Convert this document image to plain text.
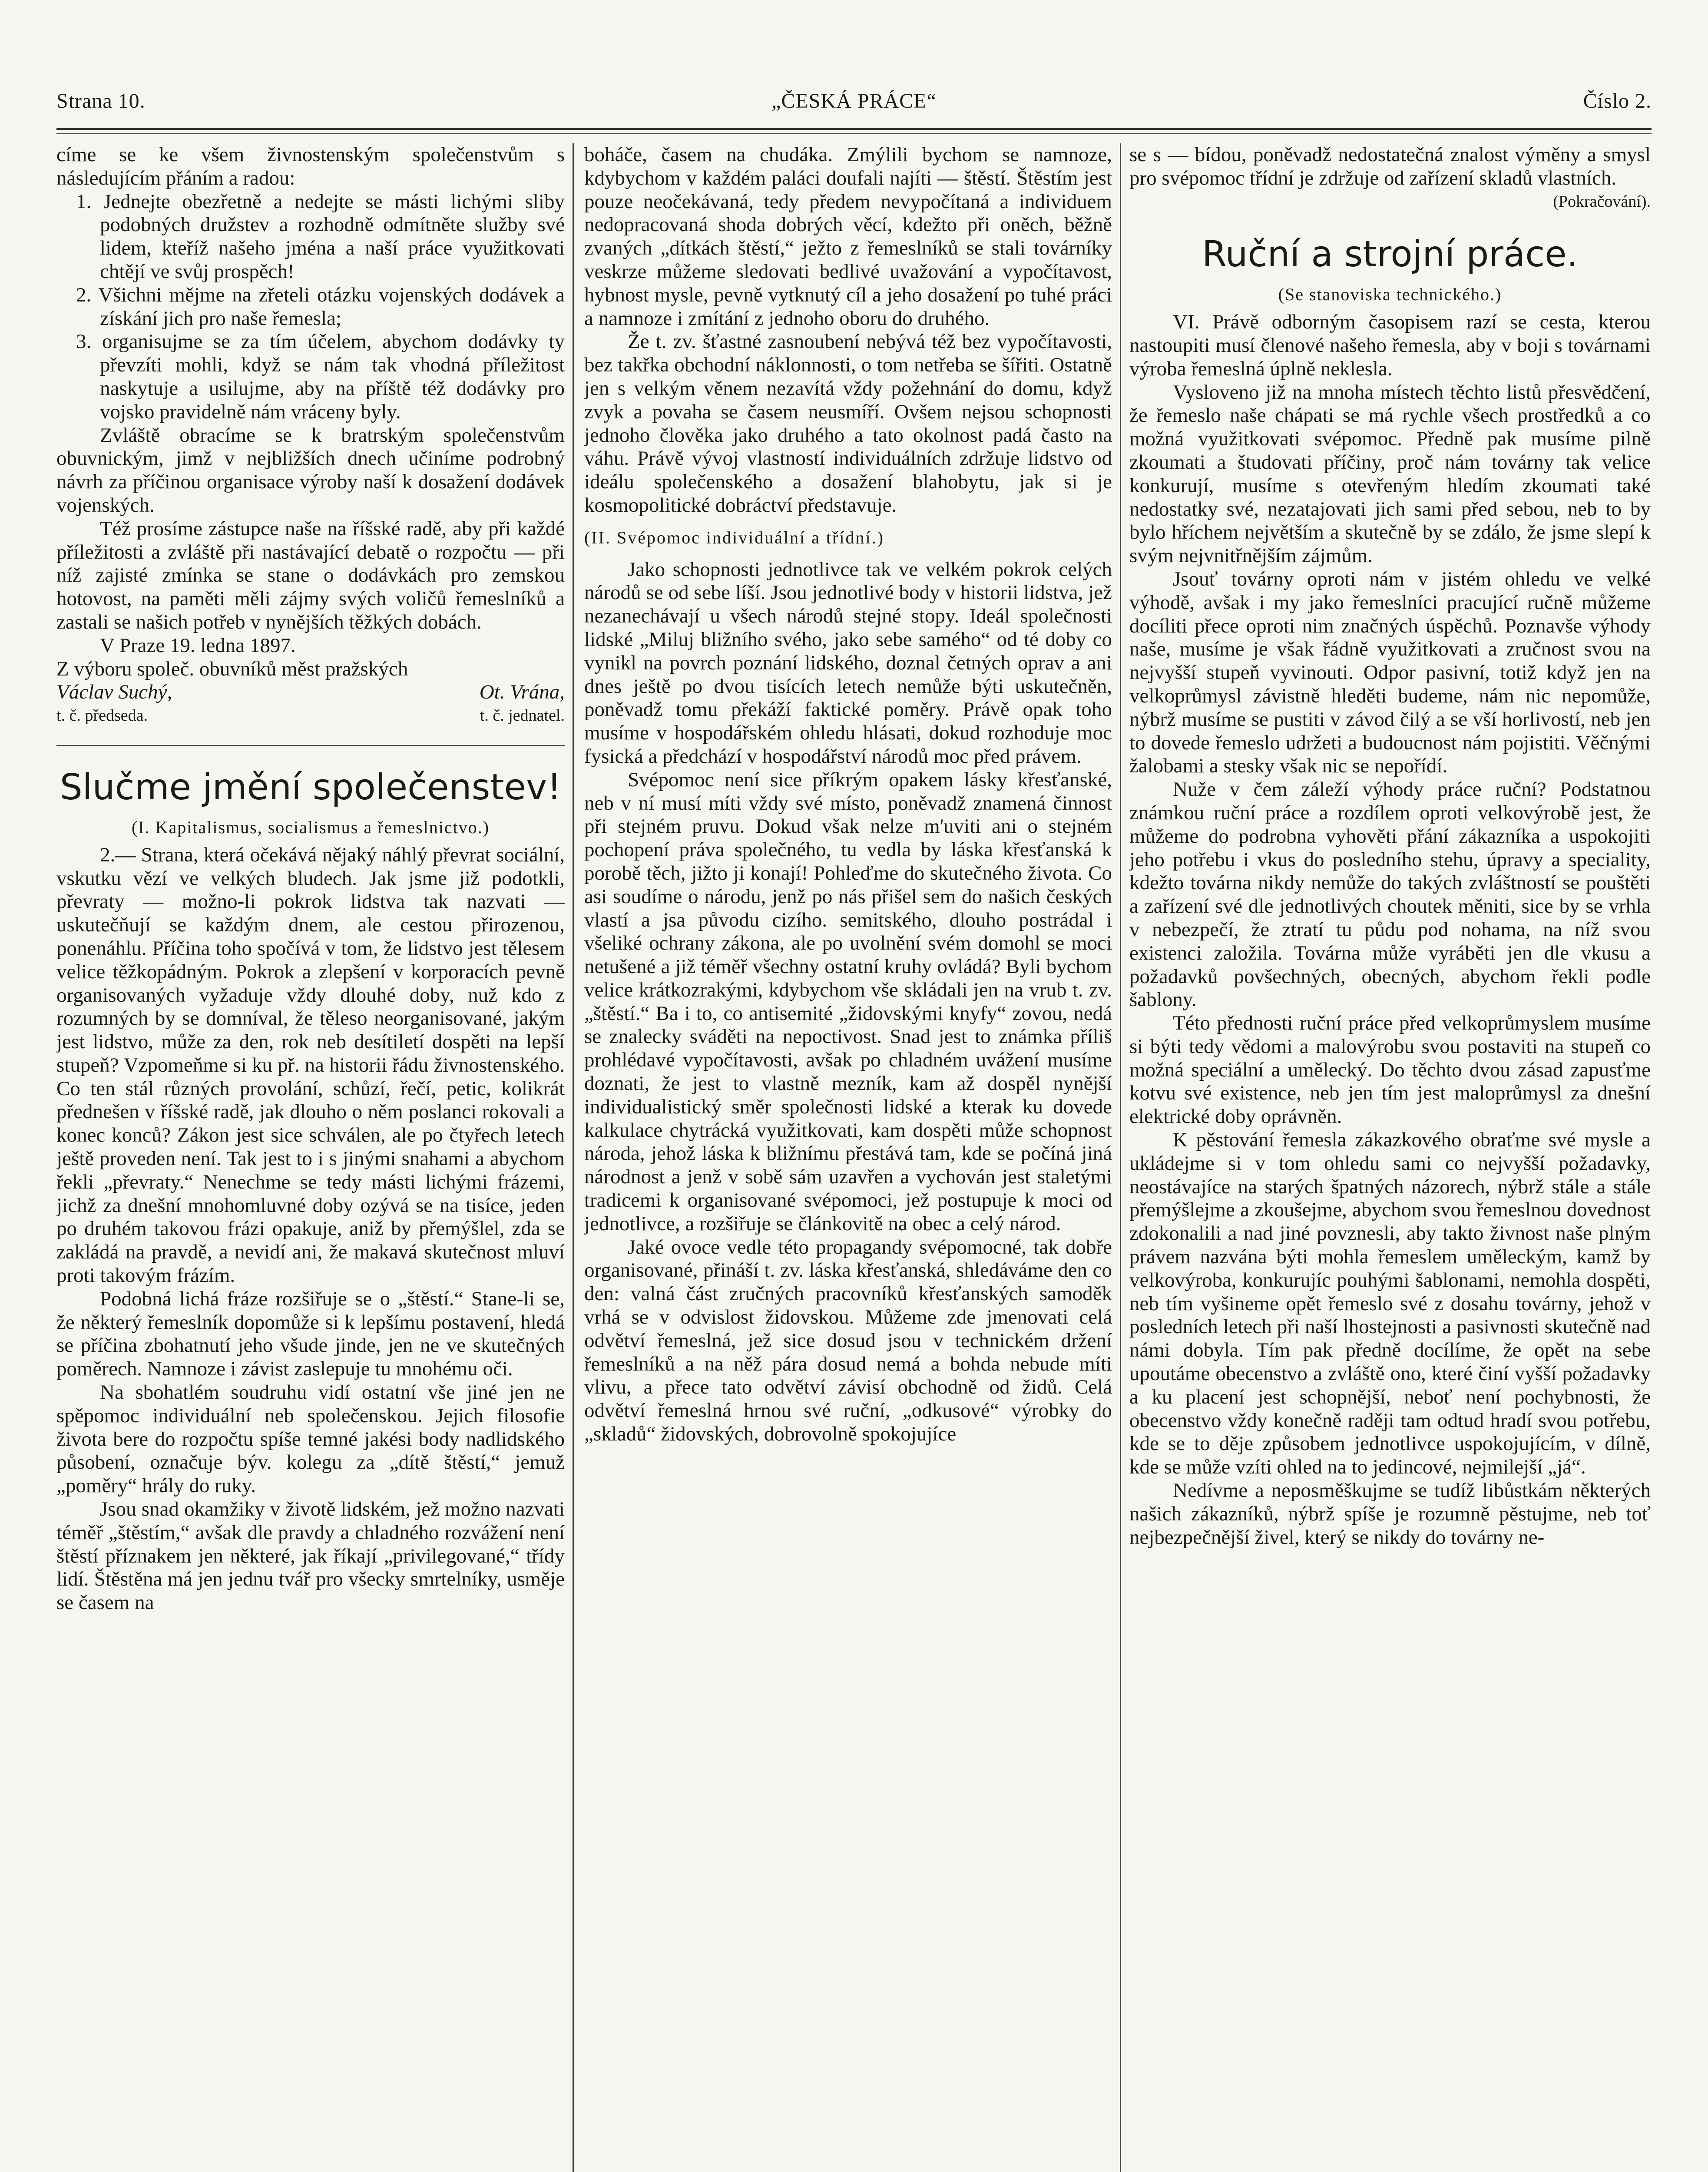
Strana 10.	„ČESKÁ PRÁCE“	Číslo 2.

címe se ke všem živnostenským společenstvům s následujícím přáním a radou:

1. Jednejte obezřetně a nedejte se másti lichými sliby podobných družstev a rozhodně odmítněte služby své lidem, kteříž našeho jména a naší práce využitkovati chtějí ve svůj prospěch!

2. Všichni mějme na zřeteli otázku vojenských dodávek a získání jich pro naše řemesla;

3. organisujme se za tím účelem, abychom dodávky ty převzíti mohli, když se nám tak vhodná příležitost naskytuje a usilujme, aby na příště též dodávky pro vojsko pravidelně nám vráceny byly.

Zvláště obracíme se k bratrským společenstvům obuvnickým, jimž v nejbližších dnech učiníme podrobný návrh za příčinou organisace výroby naší k dosažení dodávek vojenských.

Též prosíme zástupce naše na říšské radě, aby při každé příležitosti a zvláště při nastávající debatě o rozpočtu — při níž zajisté zmínka se stane o dodávkách pro zemskou hotovost, na paměti měli zájmy svých voličů řemeslníků a zastali se našich potřeb v nynějších těžkých dobách.

V Praze 19. ledna 1897.

Z výboru společ. obuvníků měst pražských

Václav Suchý,	Ot. Vrána,
t. č. předseda.	t. č. jednatel.
Slučme jmění společenstev!
(I. Kapitalismus, socialismus a řemeslnictvo.)

2.— Strana, která očekává nějaký náhlý převrat sociální, vskutku vězí ve velkých bludech. Jak jsme již podotkli, převraty — možno-li pokrok lidstva tak nazvati — uskutečňují se každým dnem, ale cestou přirozenou, ponenáhlu. Příčina toho spočívá v tom, že lidstvo jest tělesem velice těžkopádným. Pokrok a zlepšení v korporacích pevně organisovaných vyžaduje vždy dlouhé doby, nuž kdo z rozumných by se domníval, že těleso neorganisované, jakým jest lidstvo, může za den, rok neb desítiletí dospěti na lepší stupeň? Vzpomeňme si ku př. na historii řádu živnostenského. Co ten stál různých provolání, schůzí, řečí, petic, kolikrát přednešen v říšské radě, jak dlouho o něm poslanci rokovali a konec konců? Zákon jest sice schválen, ale po čtyřech letech ještě proveden není. Tak jest to i s jinými snahami a abychom řekli „převraty.“ Nenechme se tedy másti lichými frázemi, jichž za dnešní mnohomluvné doby ozývá se na tisíce, jeden po druhém takovou frázi opakuje, aniž by přemýšlel, zda se zakládá na pravdě, a nevidí ani, že makavá skutečnost mluví proti takovým frázím.

Podobná lichá fráze rozšiřuje se o „štěstí.“ Stane-li se, že některý řemeslník dopomůže si k lepšímu postavení, hledá se příčina zbohatnutí jeho všude jinde, jen ne ve skutečných poměrech. Namnoze i závist zaslepuje tu mnohému oči.

Na sbohatlém soudruhu vidí ostatní vše jiné jen ne spěpomoc individuální neb společenskou. Jejich filosofie života bere do rozpočtu spíše temné jakési body nadlidského působení, označuje býv. kolegu za „dítě štěstí,“ jemuž „poměry“ hrály do ruky.

Jsou snad okamžiky v životě lidském, jež možno nazvati téměř „štěstím,“ avšak dle pravdy a chladného rozvážení není štěstí příznakem jen některé, jak říkají „privilegované,“ třídy lidí. Štěstěna má jen jednu tvář pro všecky smrtelníky, usměje se časem na

boháče, časem na chudáka. Zmýlili bychom se namnoze, kdybychom v každém paláci doufali najíti — štěstí. Štěstím jest pouze neočekávaná, tedy předem nevypočítaná a individuem nedopracovaná shoda dobrých věcí, kdežto při oněch, běžně zvaných „dítkách štěstí,“ ježto z řemeslníků se stali továrníky veskrze můžeme sledovati bedlivé uvažování a vypočítavost, hybnost mysle, pevně vytknutý cíl a jeho dosažení po tuhé práci a namnoze i zmítání z jednoho oboru do druhého.

Že t. zv. šťastné zasnoubení nebývá též bez vypočítavosti, bez takřka obchodní náklonnosti, o tom netřeba se šířiti. Ostatně jen s velkým věnem nezavítá vždy požehnání do domu, když zvyk a povaha se časem neusmíří. Ovšem nejsou schopnosti jednoho člověka jako druhého a tato okolnost padá často na váhu. Právě vývoj vlastností individuálních zdržuje lidstvo od ideálu společenského a dosažení blahobytu, jak si je kosmopolitické dobráctví představuje.

(II. Svépomoc individuální a třídní.)

Jako schopnosti jednotlivce tak ve velkém pokrok celých národů se od sebe líší. Jsou jednotlivé body v historii lidstva, jež nezanechávají u všech národů stejné stopy. Ideál společnosti lidské „Miluj bližního svého, jako sebe samého“ od té doby co vynikl na povrch poznání lidského, doznal četných oprav a ani dnes ještě po dvou tisících letech nemůže býti uskutečněn, poněvadž tomu překáží faktické poměry. Právě opak toho musíme v hospodářském ohledu hlásati, dokud rozhoduje moc fysická a předchází v hospodářství národů moc před právem.

Svépomoc není sice příkrým opakem lásky křesťanské, neb v ní musí míti vždy své místo, poněvadž znamená činnost při stejném pruvu. Dokud však nelze m'uviti ani o stejném pochopení práva společného, tu vedla by láska křesťanská k porobě těch, jižto ji konají! Pohleďme do skutečného života. Co asi soudíme o národu, jenž po nás přišel sem do našich českých vlastí a jsa původu cizího. semitského, dlouho postrádal i všeliké ochrany zákona, ale po uvolnění svém domohl se moci netušené a již téměř všechny ostatní kruhy ovládá? Byli bychom velice krátkozrakými, kdybychom vše skládali jen na vrub t. zv. „štěstí.“ Ba i to, co antisemité „židovskými knyfy“ zovou, nedá se znalecky sváděti na nepoctivost. Snad jest to známka příliš prohlédavé vypočítavosti, avšak po chladném uvážení musíme doznati, že jest to vlastně mezník, kam až dospěl nynější individualistický směr společnosti lidské a kterak ku dovede kalkulace chytrácká využitkovati, kam dospěti může schopnost národa, jehož láska k bližnímu přestává tam, kde se počíná jiná národnost a jenž v sobě sám uzavřen a vychován jest staletými tradicemi k organisované svépomoci, jež postupuje k moci od jednotlivce, a rozšiřuje se článkovitě na obec a celý národ.

Jaké ovoce vedle této propagandy svépomocné, tak dobře organisované, přináší t. zv. láska křesťanská, shledáváme den co den: valná část zručných pracovníků křesťanských samoděk vrhá se v odvislost židovskou. Můžeme zde jmenovati celá odvětví řemeslná, jež sice dosud jsou v technickém držení řemeslníků a na něž pára dosud nemá a bohda nebude míti vlivu, a přece tato odvětví závisí obchodně od židů. Celá odvětví řemeslná hrnou své ruční, „odkusové“ výrobky do „skladů“ židovských, dobrovolně spokojujíce

se s — bídou, poněvadž nedostatečná znalost výměny a smysl pro svépomoc třídní je zdržuje od zařízení skladů vlastních.

(Pokračování).

Ruční a strojní práce.
(Se stanoviska technického.)

VI. Právě odborným časopisem razí se cesta, kterou nastoupiti musí členové našeho řemesla, aby v boji s továrnami výroba řemeslná úplně neklesla.

Vysloveno již na mnoha místech těchto listů přesvědčení, že řemeslo naše chápati se má rychle všech prostředků a co možná využitkovati svépomoc. Předně pak musíme pilně zkoumati a študovati příčiny, proč nám továrny tak velice konkurují, musíme s otevřeným hledím zkoumati také nedostatky své, nezatajovati jich sami před sebou, neb to by bylo hříchem největším a skutečně by se zdálo, že jsme slepí k svým nejvnitřnějším zájmům.

Jsouť továrny oproti nám v jistém ohledu ve velké výhodě, avšak i my jako řemeslníci pracující ručně můžeme docíliti přece oproti nim značných úspěchů. Poznavše výhody naše, musíme je však řádně využitkovati a zručnost svou na nejvyšší stupeň vyvinouti. Odpor pasivní, totiž když jen na velkoprůmysl závistně hleděti budeme, nám nic nepomůže, nýbrž musíme se pustiti v závod čilý a se vší horlivostí, neb jen to dovede řemeslo udržeti a budoucnost nám pojistiti. Věčnými žalobami a stesky však nic se nepořídí.

Nuže v čem záleží výhody práce ruční? Podstatnou známkou ruční práce a rozdílem oproti velkovýrobě jest, že můžeme do podrobna vyhověti přání zákazníka a uspokojiti jeho potřebu i vkus do posledního stehu, úpravy a speciality, kdežto továrna nikdy nemůže do takých zvláštností se pouštěti a zařízení své dle jednotlivých choutek měniti, sice by se vrhla v nebezpečí, že ztratí tu půdu pod nohama, na níž svou existenci založila. Továrna může vyráběti jen dle vkusu a požadavků povšechných, obecných, abychom řekli podle šablony.

Této přednosti ruční práce před velkoprůmyslem musíme si býti tedy vědomi a malovýrobu svou postaviti na stupeň co možná speciální a umělecký. Do těchto dvou zásad zapusťme kotvu své existence, neb jen tím jest maloprůmysl za dnešní elektrické doby oprávněn.

K pěstování řemesla zákazkového obraťme své mysle a ukládejme si v tom ohledu sami co nejvyšší požadavky, neostávajíce na starých špatných názorech, nýbrž stále a stále přemýšlejme a zkoušejme, abychom svou řemeslnou dovednost zdokonalili a nad jiné povznesli, aby takto živnost naše plným právem nazvána býti mohla řemeslem uměleckým, kamž by velkovýroba, konkurujíc pouhými šablonami, nemohla dospěti, neb tím vyšineme opět řemeslo své z dosahu továrny, jehož v posledních letech při naší lhostejnosti a pasivnosti skutečně nad námi dobyla. Tím pak předně docílíme, že opět na sebe upoutáme obecenstvo a zvláště ono, které činí vyšší požadavky a ku placení jest schopnější, neboť není pochybnosti, že obecenstvo vždy konečně raději tam odtud hradí svou potřebu, kde se to děje způsobem jednotlivce uspokojujícím, v dílně, kde se může vzíti ohled na to jedincové, nejmilejší „já“.

Nedívme a neposměškujme se tudíž libůstkám některých našich zákazníků, nýbrž spíše je rozumně pěstujme, neb toť nejbezpečnější živel, který se nikdy do továrny ne-
